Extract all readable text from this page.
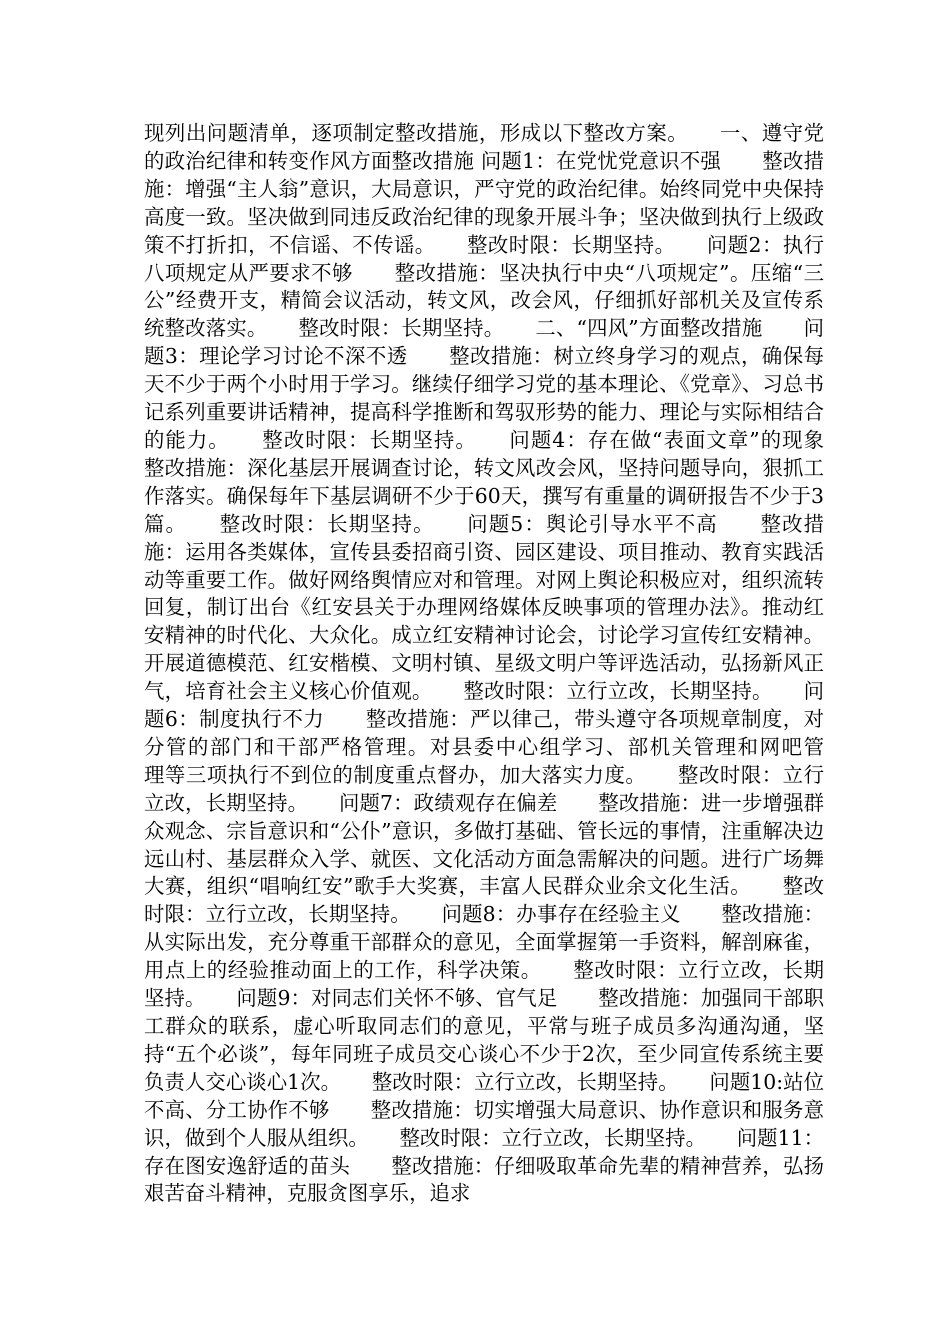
现列出问题清单，逐项制定整改措施，形成以下整改方案。　　一、遵守党的政治纪律和转变作风方面整改措施 问题1：在党忧党意识不强　　整改措施：增强“主人翁”意识，大局意识，严守党的政治纪律。始终同党中央保持高度一致。坚决做到同违反政治纪律的现象开展斗争；坚决做到执行上级政策不打折扣，不信谣、不传谣。　　整改时限：长期坚持。　　问题2：执行八项规定从严要求不够　　整改措施：坚决执行中央“八项规定”。压缩“三公”经费开支，精简会议活动，转文风，改会风，仔细抓好部机关及宣传系统整改落实。　　整改时限：长期坚持。　　二、“四风”方面整改措施　　问题3：理论学习讨论不深不透　　整改措施：树立终身学习的观点，确保每天不少于两个小时用于学习。继续仔细学习党的基本理论、《党章》、习总书记系列重要讲话精神，提高科学推断和驾驭形势的能力、理论与实际相结合的能力。　　整改时限：长期坚持。　　问题4：存在做“表面文章”的现象　　整改措施：深化基层开展调查讨论，转文风改会风，坚持问题导向，狠抓工作落实。确保每年下基层调研不少于60天，撰写有重量的调研报告不少于3篇。　　整改时限：长期坚持。　　问题5：舆论引导水平不高　　整改措施：运用各类媒体，宣传县委招商引资、园区建设、项目推动、教育实践活动等重要工作。做好网络舆情应对和管理。对网上舆论积极应对，组织流转回复，制订出台《红安县关于办理网络媒体反映事项的管理办法》。推动红安精神的时代化、大众化。成立红安精神讨论会，讨论学习宣传红安精神。开展道德模范、红安楷模、文明村镇、星级文明户等评选活动，弘扬新风正气，培育社会主义核心价值观。　　整改时限：立行立改，长期坚持。　　问题6：制度执行不力　　整改措施：严以律己，带头遵守各项规章制度，对分管的部门和干部严格管理。对县委中心组学习、部机关管理和网吧管　　理等三项执行不到位的制度重点督办，加大落实力度。　　整改时限：立行立改，长期坚持。　　问题7：政绩观存在偏差　　整改措施：进一步增强群众观念、宗旨意识和“公仆”意识，多做打基础、管长远的事情，注重解决边远山村、基层群众入学、就医、文化活动方面急需解决的问题。进行广场舞大赛，组织“唱响红安”歌手大奖赛，丰富人民群众业余文化生活。　　整改时限：立行立改，长期坚持。　　问题8：办事存在经验主义　　整改措施：从实际出发，充分尊重干部群众的意见，全面掌握第一手资料，解剖麻雀，用点上的经验推动面上的工作，科学决策。　　整改时限：立行立改，长期坚持。　　问题9：对同志们关怀不够、官气足　　整改措施：加强同干部职工群众的联系，虚心听取同志们的意见，平常与班子成员多沟通沟通，坚持“五个必谈”，每年同班子成员交心谈心不少于2次，至少同宣传系统主要负责人交心谈心1次。　　整改时限：立行立改，长期坚持。　　问题10:站位不高、分工协作不够　　整改措施：切实增强大局意识、协作意识和服务意识，做到个人服从组织。　　整改时限：立行立改，长期坚持。　　问题11：存在图安逸舒适的苗头　　整改措施：仔细吸取革命先辈的精神营养，弘扬艰苦奋斗精神，克服贪图享乐，追求
